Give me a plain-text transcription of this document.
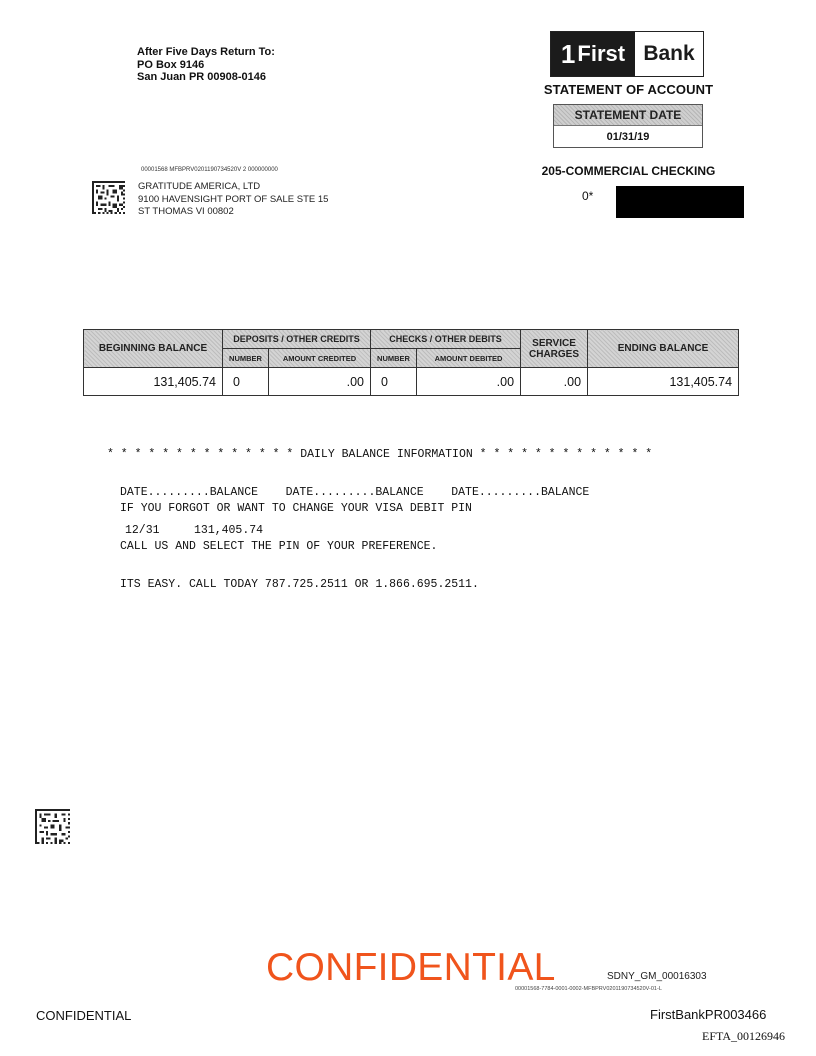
After Five Days Return To:
PO Box 9146
San Juan PR 00908-0146
1 First Bank
STATEMENT OF ACCOUNT
STATEMENT DATE
01/31/19
205-COMMERCIAL CHECKING
0*
00001568 MFBPRV0201190734520V 2 000000000
GRATITUDE AMERICA, LTD
9100 HAVENSIGHT PORT OF SALE STE 15
ST THOMAS VI 00802
BEGINNING BALANCE	DEPOSITS / OTHER CREDITS		CHECKS / OTHER DEBITS		SERVICE CHARGES	ENDING BALANCE
	NUMBER	AMOUNT CREDITED	NUMBER	AMOUNT DEBITED		
131,405.74	0	.00	0	.00	.00	131,405.74

* * * * * * * * * * * * * * DAILY BALANCE INFORMATION * * * * * * * * * * * * *

DATE.........BALANCE    DATE.........BALANCE    DATE.........BALANCE

12/31     131,405.74

IF YOU FORGOT OR WANT TO CHANGE YOUR VISA DEBIT PIN

CALL US AND SELECT THE PIN OF YOUR PREFERENCE.

ITS EASY. CALL TODAY 787.725.2511 OR 1.866.695.2511.

CONFIDENTIAL	SDNY_GM_00016303
00001568-7784-0001-0002-MFBPRV0201190734520V-01-L
CONFIDENTIAL	FirstBankPR003466
EFTA_00126946
